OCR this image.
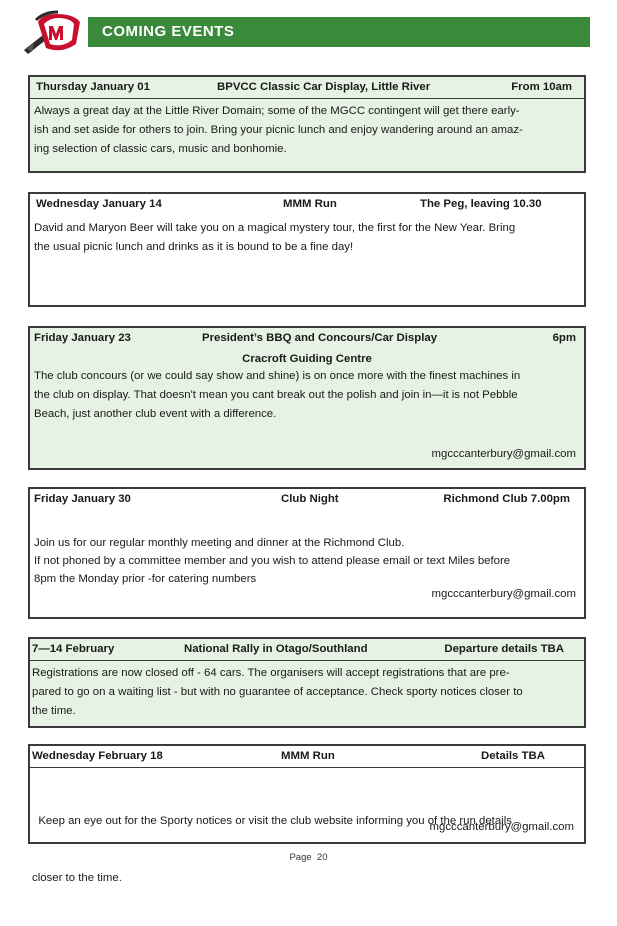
COMING EVENTS
Thursday January 01	BPVCC Classic Car Display, Little River	From 10am
Always a great day at the Little River Domain; some of the MGCC contingent will get there early-
ish and set aside for others to join. Bring your picnic lunch and enjoy wandering around an amaz-
ing selection of classic cars, music and bonhomie.
Wednesday January 14	MMM Run	The Peg, leaving 10.30
David and Maryon Beer will take you on a magical mystery tour, the first for the New Year. Bring
the usual picnic lunch and drinks as it is bound to be a fine day!
Friday January 23	President’s BBQ and Concours/Car Display	6pm
Cracroft Guiding Centre
The club concours (or we could say show and shine) is on once more with the finest machines in
the club on display. That doesn't mean you cant break out the polish and join in—it is not Pebble
Beach, just another club event with a difference.
mgcccanterbury@gmail.com
Friday January 30	Club Night	Richmond Club 7.00pm
Join us for our regular monthly meeting and dinner at the Richmond Club.
If not phoned by a committee member and you wish to attend please email or text Miles before
8pm the Monday prior -for catering numbers
mgcccanterbury@gmail.com
7—14 February	National Rally in Otago/Southland	Departure details TBA
Registrations are now closed off - 64 cars. The organisers will accept registrations that are pre-
pared to go on a waiting list - but with no guarantee of acceptance. Check sporty notices closer to
the time.
Wednesday February 18	MMM Run	Details TBA

Keep an eye out for the Sporty notices or visit the club website informing you of the run details

closer to the time.

mgcccanterbury@gmail.com
Page  20
